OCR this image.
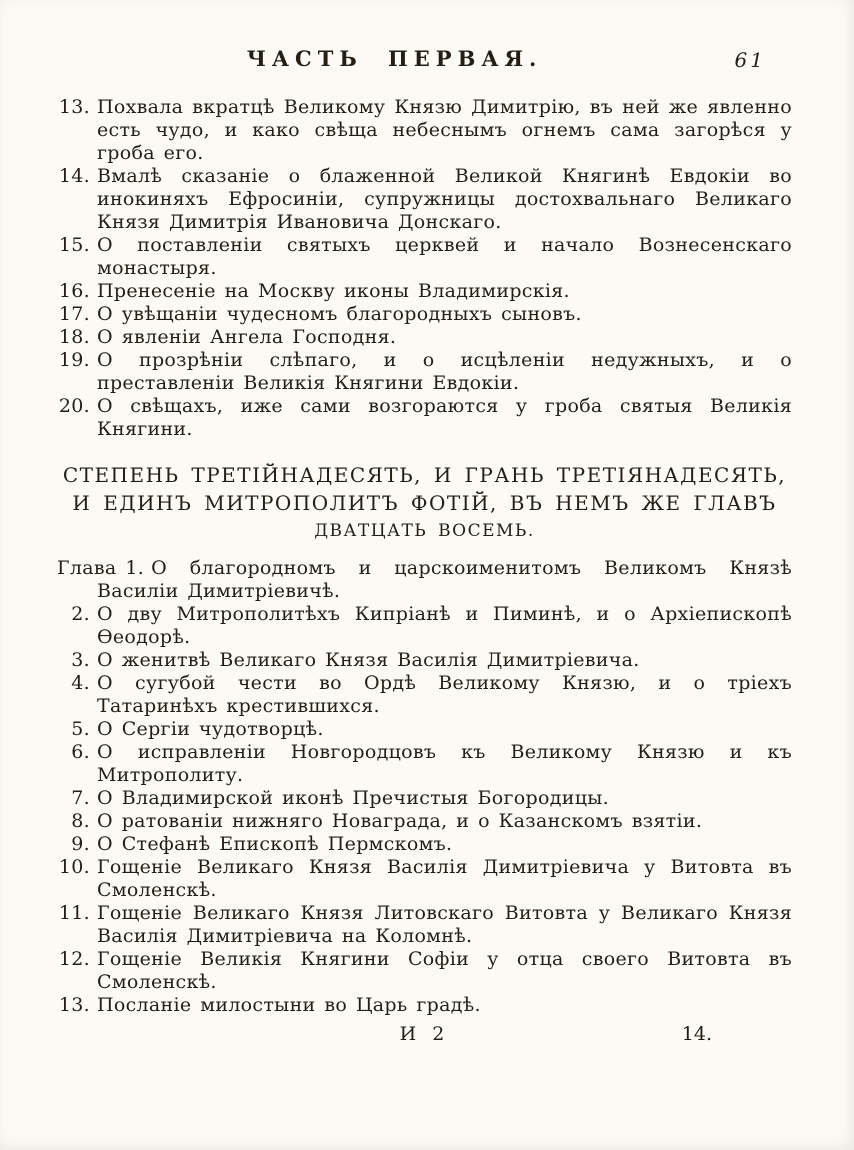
ЧАСТЬ ПЕРВАЯ.	61
13. Похвала вкратцѣ Великому Князю Димитрію, въ ней же явленно есть чудо, и како свѣща небеснымъ огнемъ сама загорѣся у гроба его.
14. Вмалѣ сказаніе о блаженной Великой Княгинѣ Евдокіи во инокиняхъ Ефросиніи, супружницы достохвальнаго Великаго Князя Димитрія Ивановича Донскаго.
15. О поставленіи святыхъ церквей и начало Вознесенскаго монастыря.
16. Пренесеніе на Москву иконы Владимирскія.
17. О увѣщаніи чудесномъ благородныхъ сыновъ.
18. О явленіи Ангела Господня.
19. О прозрѣніи слѣпаго, и о исцѣленіи недужныхъ, и о преставленіи Великія Княгини Евдокіи.
20. О свѣщахъ, иже сами возгораются у гроба святыя Великія Княгини.
СТЕПЕНЬ ТРЕТІЙНАДЕСЯТЬ, И ГРАНЬ ТРЕТІЯНАДЕСЯТЬ,
И ЕДИНЪ МИТРОПОЛИТЪ ФОТІЙ, ВЪ НЕМЪ ЖЕ ГЛАВЪ
ДВАТЦАТЬ ВОСЕМЬ.
Глава 1. О благородномъ и царскоименитомъ Великомъ Князѣ Василіи Димитріевичѣ.
2. О дву Митрополитѣхъ Кипріанѣ и Пиминѣ, и о Архіепископѣ Ѳеодорѣ.
3. О женитвѣ Великаго Князя Василія Димитріевича.
4. О сугубой чести во Ордѣ Великому Князю, и о тріехъ Татаринѣхъ крестившихся.
5. О Сергіи чудотворцѣ.
6. О исправленіи Новгородцовъ къ Великому Князю и къ Митрополиту.
7. О Владимирской иконѣ Пречистыя Богородицы.
8. О ратованіи нижняго Новаграда, и о Казанскомъ взятіи.
9. О Стефанѣ Епископѣ Пермскомъ.
10. Гощеніе Великаго Князя Василія Димитріевича у Витовта въ Смоленскѣ.
11. Гощеніе Великаго Князя Литовскаго Витовта у Великаго Князя Василія Димитріевича на Коломнѣ.
12. Гощеніе Великія Княгини Софіи у отца своего Витовта въ Смоленскѣ.
13. Посланіе милостыни во Царь градѣ.
И 2	14.
